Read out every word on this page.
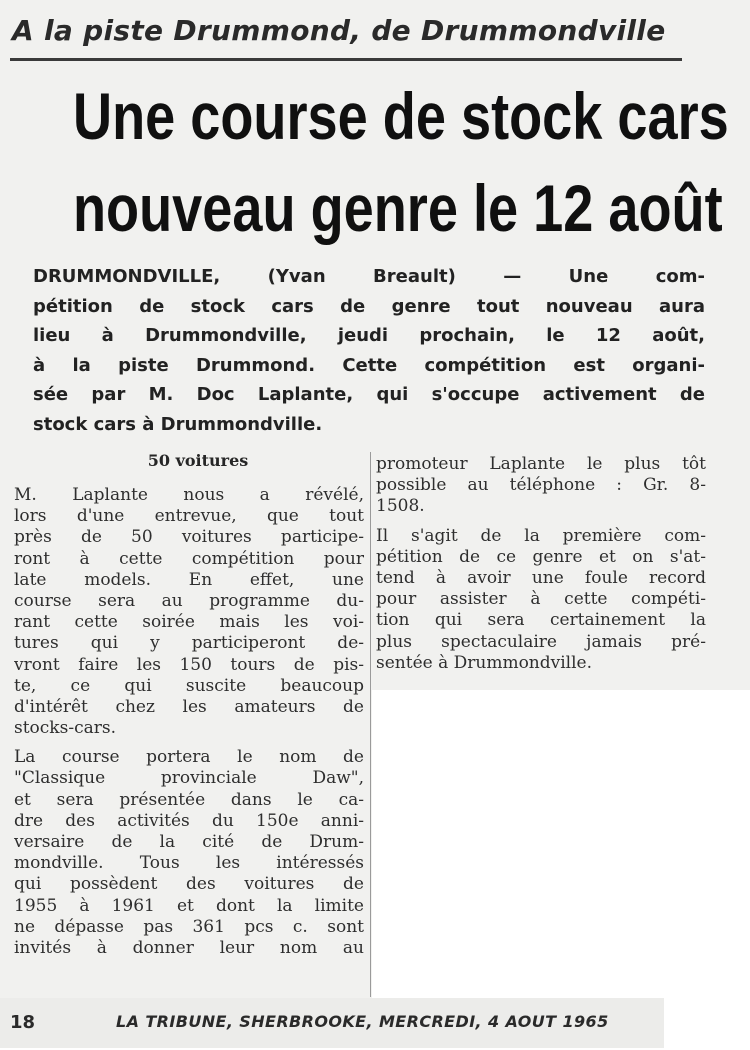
A la piste Drummond, de Drummondville
Une course de stock cars
nouveau genre le 12 août
DRUMMONDVILLE, (Yvan Breault) — Une com-
pétition de stock cars de genre tout nouveau aura
lieu à Drummondville, jeudi prochain, le 12 août,
à la piste Drummond. Cette compétition est organi-
sée par M. Doc Laplante, qui s'occupe activement de
stock cars à Drummondville.
50 voitures
M. Laplante nous a révélé,
lors d'une entrevue, que tout
près de 50 voitures participe-
ront à cette compétition pour
late models. En effet, une
course sera au programme du-
rant cette soirée mais les voi-
tures qui y participeront de-
vront faire les 150 tours de pis-
te, ce qui suscite beaucoup
d'intérêt chez les amateurs de
stocks-cars.
La course portera le nom de
"Classique provinciale Daw",
et sera présentée dans le ca-
dre des activités du 150e anni-
versaire de la cité de Drum-
mondville. Tous les intéressés
qui possèdent des voitures de
1955 à 1961 et dont la limite
ne dépasse pas 361 pcs c. sont
invités à donner leur nom au
promoteur Laplante le plus tôt
possible au téléphone : Gr. 8-
1508.
Il s'agit de la première com-
pétition de ce genre et on s'at-
tend à avoir une foule record
pour assister à cette compéti-
tion qui sera certainement la
plus spectaculaire jamais pré-
sentée à Drummondville.
18	LA TRIBUNE, SHERBROOKE, MERCREDI, 4 AOUT 1965
